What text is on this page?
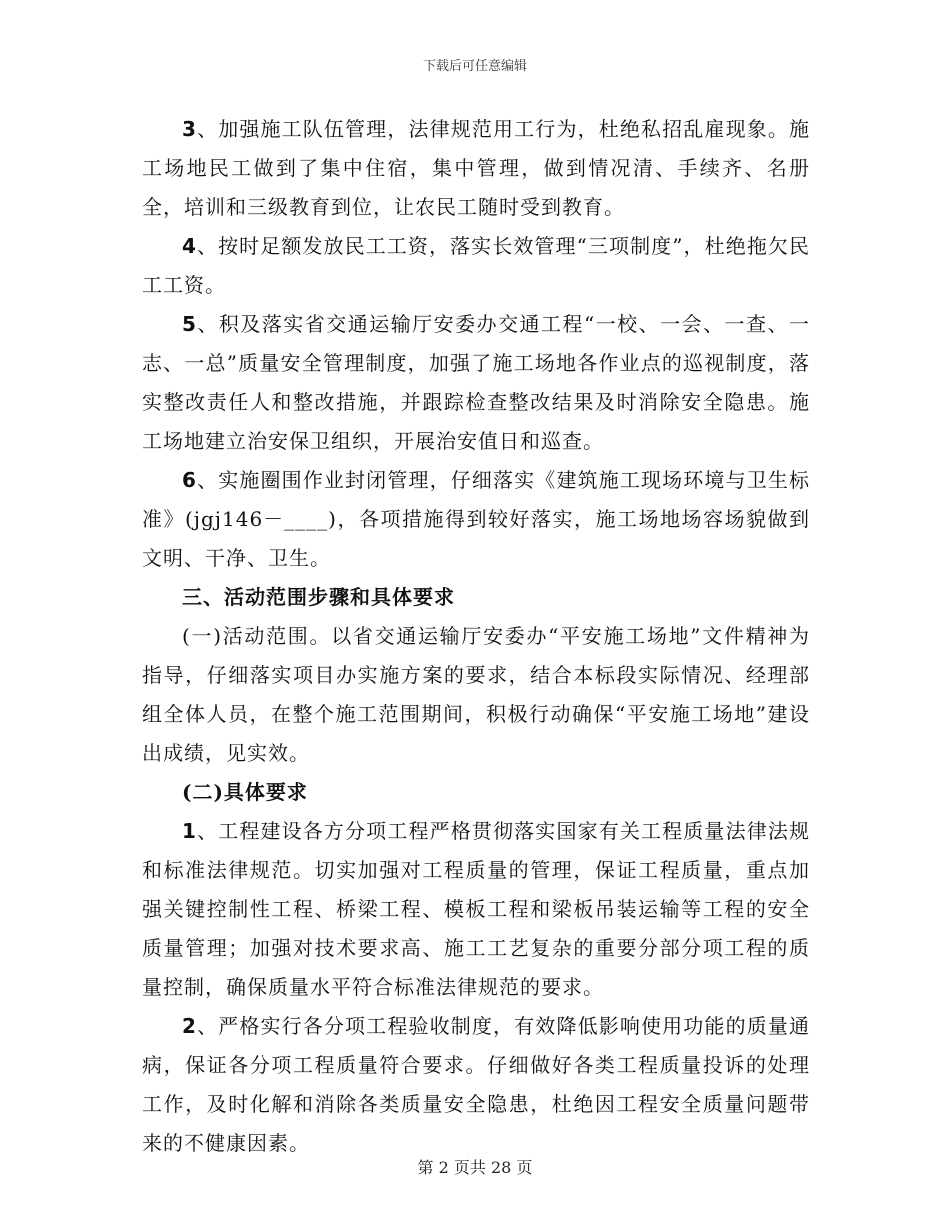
下载后可任意编辑

3、加强施工队伍管理，法律规范用工行为，杜绝私招乱雇现象。施工场地民工做到了集中住宿，集中管理，做到情况清、手续齐、名册全，培训和三级教育到位，让农民工随时受到教育。

4、按时足额发放民工工资，落实长效管理“三项制度”，杜绝拖欠民工工资。

5、积及落实省交通运输厅安委办交通工程“一校、一会、一查、一志、一总”质量安全管理制度，加强了施工场地各作业点的巡视制度，落实整改责任人和整改措施，并跟踪检查整改结果及时消除安全隐患。施工场地建立治安保卫组织，开展治安值日和巡查。

6、实施圈围作业封闭管理，仔细落实《建筑施工现场环境与卫生标准》(jgj146－____)，各项措施得到较好落实，施工场地场容场貌做到文明、干净、卫生。

三、活动范围步骤和具体要求

(一)活动范围。以省交通运输厅安委办“平安施工场地”文件精神为指导，仔细落实项目办实施方案的要求，结合本标段实际情况、经理部组全体人员，在整个施工范围期间，积极行动确保“平安施工场地”建设出成绩，见实效。

(二)具体要求

1、工程建设各方分项工程严格贯彻落实国家有关工程质量法律法规和标准法律规范。切实加强对工程质量的管理，保证工程质量，重点加强关键控制性工程、桥梁工程、模板工程和梁板吊装运输等工程的安全质量管理；加强对技术要求高、施工工艺复杂的重要分部分项工程的质量控制，确保质量水平符合标准法律规范的要求。

2、严格实行各分项工程验收制度，有效降低影响使用功能的质量通病，保证各分项工程质量符合要求。仔细做好各类工程质量投诉的处理工作，及时化解和消除各类质量安全隐患，杜绝因工程安全质量问题带来的不健康因素。

第 2 页共 28 页
